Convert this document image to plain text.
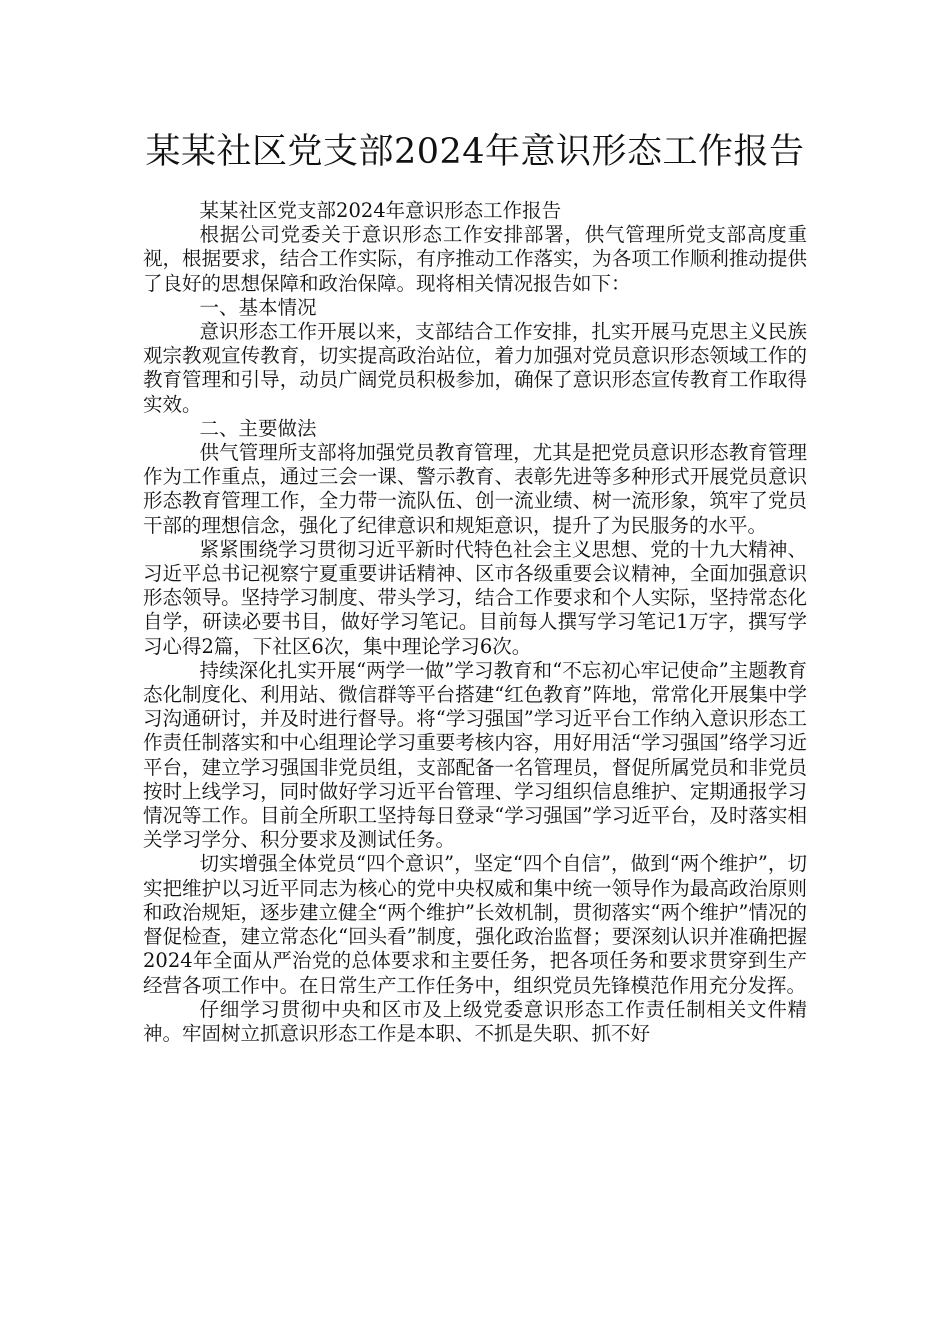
某某社区党支部2024年意识形态工作报告

某某社区党支部2024年意识形态工作报告

根据公司党委关于意识形态工作安排部署，供气管理所党支部高度重视，根据要求，结合工作实际，有序推动工作落实，为各项工作顺利推动提供了良好的思想保障和政治保障。现将相关情况报告如下：

一、基本情况

意识形态工作开展以来，支部结合工作安排，扎实开展马克思主义民族观宗教观宣传教育，切实提高政治站位，着力加强对党员意识形态领域工作的教育管理和引导，动员广阔党员积极参加，确保了意识形态宣传教育工作取得实效。

二、主要做法

供气管理所支部将加强党员教育管理，尤其是把党员意识形态教育管理作为工作重点，通过三会一课、警示教育、表彰先进等多种形式开展党员意识形态教育管理工作，全力带一流队伍、创一流业绩、树一流形象，筑牢了党员干部的理想信念，强化了纪律意识和规矩意识，提升了为民服务的水平。

紧紧围绕学习贯彻习近平新时代特色社会主义思想、党的十九大精神、习近平总书记视察宁夏重要讲话精神、区市各级重要会议精神，全面加强意识形态领导。坚持学习制度、带头学习，结合工作要求和个人实际，坚持常态化自学，研读必要书目，做好学习笔记。目前每人撰写学习笔记1万字，撰写学习心得2篇，下社区6次，集中理论学习6次。

持续深化扎实开展“两学一做”学习教育和“不忘初心牢记使命”主题教育态化制度化、利用站、微信群等平台搭建“红色教育”阵地，常常化开展集中学习沟通研讨，并及时进行督导。将“学习强国”学习近平台工作纳入意识形态工作责任制落实和中心组理论学习重要考核内容，用好用活“学习强国”络学习近平台，建立学习强国非党员组，支部配备一名管理员，督促所属党员和非党员按时上线学习，同时做好学习近平台管理、学习组织信息维护、定期通报学习情况等工作。目前全所职工坚持每日登录“学习强国”学习近平台，及时落实相关学习学分、积分要求及测试任务。

切实增强全体党员“四个意识”，坚定“四个自信”，做到“两个维护”，切实把维护以习近平同志为核心的党中央权威和集中统一领导作为最高政治原则和政治规矩，逐步建立健全“两个维护”长效机制，贯彻落实“两个维护”情况的督促检查，建立常态化“回头看”制度，强化政治监督；要深刻认识并准确把握2024年全面从严治党的总体要求和主要任务，把各项任务和要求贯穿到生产经营各项工作中。在日常生产工作任务中，组织党员先锋模范作用充分发挥。

仔细学习贯彻中央和区市及上级党委意识形态工作责任制相关文件精神。牢固树立抓意识形态工作是本职、不抓是失职、抓不好
